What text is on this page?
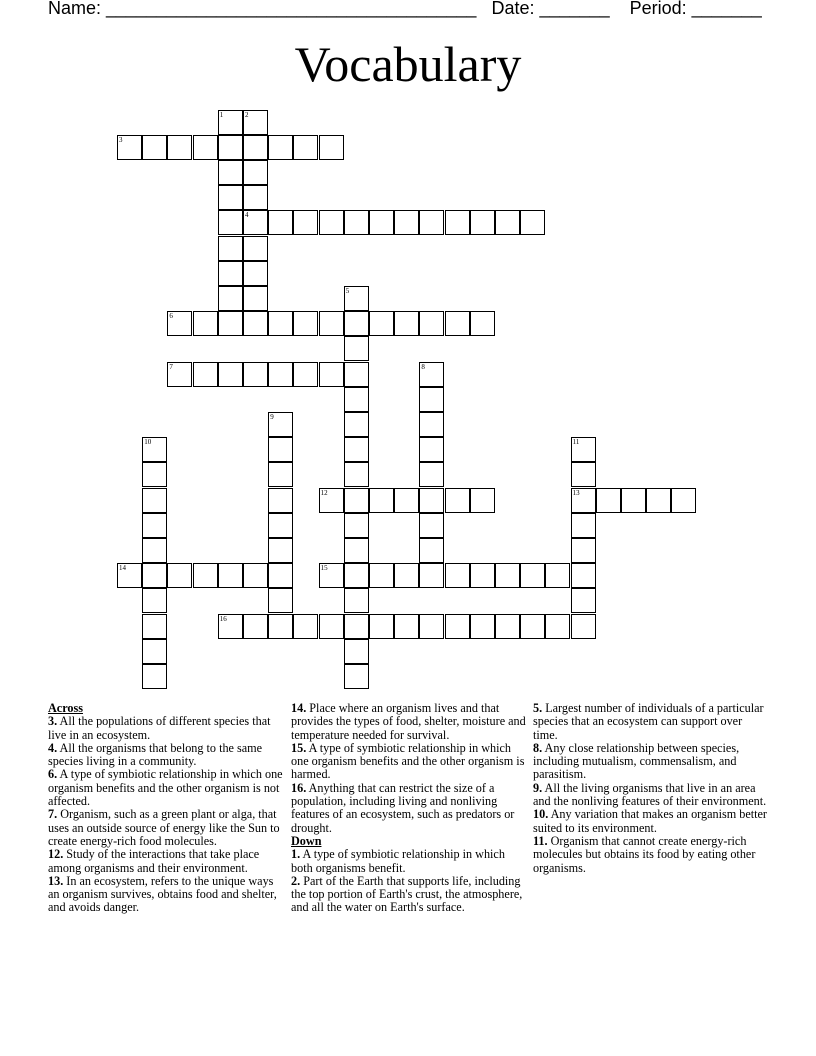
Name: _____________________________________ Date: _______ Period: _______
Vocabulary
1	2
3
4
5
6
7	8
9
10	11
12	13
14	15
16
Across

3. All the populations of different species that live in an ecosystem.

4. All the organisms that belong to the same species living in a community.

6. A type of symbiotic relationship in which one organism benefits and the other organism is not affected.

7. Organism, such as a green plant or alga, that uses an outside source of energy like the Sun to create energy-rich food molecules.

12. Study of the interactions that take place among organisms and their environment.

13. In an ecosystem, refers to the unique ways an organism survives, obtains food and shelter, and avoids danger.

14. Place where an organism lives and that provides the types of food, shelter, moisture and temperature needed for survival.

15. A type of symbiotic relationship in which one organism benefits and the other organism is harmed.

16. Anything that can restrict the size of a population, including living and nonliving features of an ecosystem, such as predators or drought.

Down

1. A type of symbiotic relationship in which both organisms benefit.

2. Part of the Earth that supports life, including the top portion of Earth's crust, the atmosphere, and all the water on Earth's surface.

5. Largest number of individuals of a particular species that an ecosystem can support over time.

8. Any close relationship between species, including mutualism, commensalism, and parasitism.

9. All the living organisms that live in an area and the nonliving features of their environment.

10. Any variation that makes an organism better suited to its environment.

11. Organism that cannot create energy-rich molecules but obtains its food by eating other organisms.
